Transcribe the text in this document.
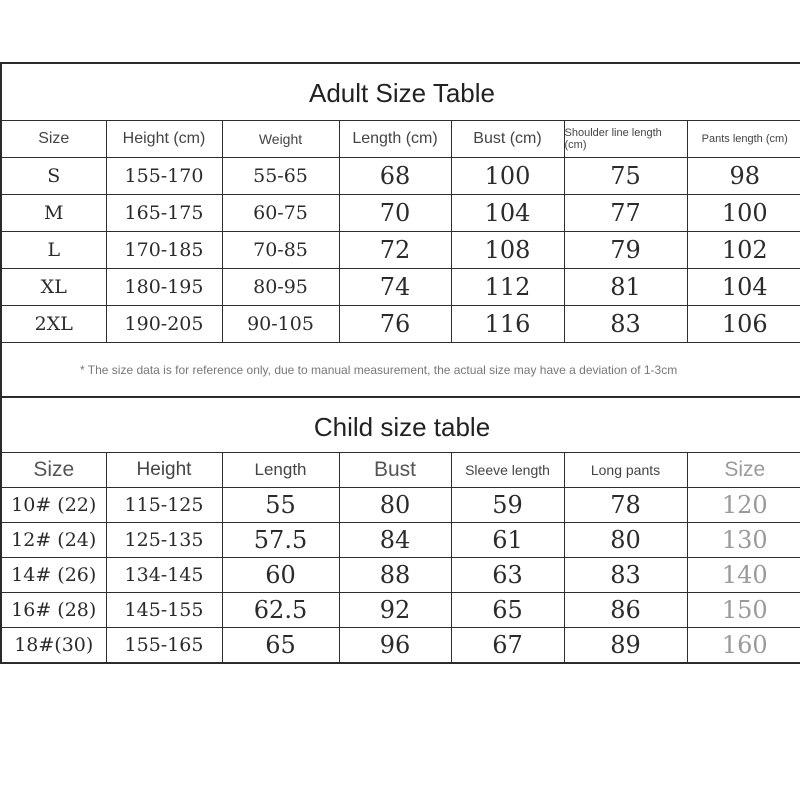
Adult Size Table
Size	Height (cm)	Weight	Length (cm)	Bust (cm)	Shoulder line length (cm)	Pants length (cm)
S	155-170	55-65	68	100	75	98
M	165-175	60-75	70	104	77	100
L	170-185	70-85	72	108	79	102
XL	180-195	80-95	74	112	81	104
2XL	190-205	90-105	76	116	83	106
* The size data is for reference only, due to manual measurement, the actual size may have a deviation of 1-3cm						
Child size table
Size	Height	Length	Bust	Sleeve length	Long pants	Size
10# (22)	115-125	55	80	59	78	120
12# (24)	125-135	57.5	84	61	80	130
14# (26)	134-145	60	88	63	83	140
16# (28)	145-155	62.5	92	65	86	150
18#(30)	155-165	65	96	67	89	160
